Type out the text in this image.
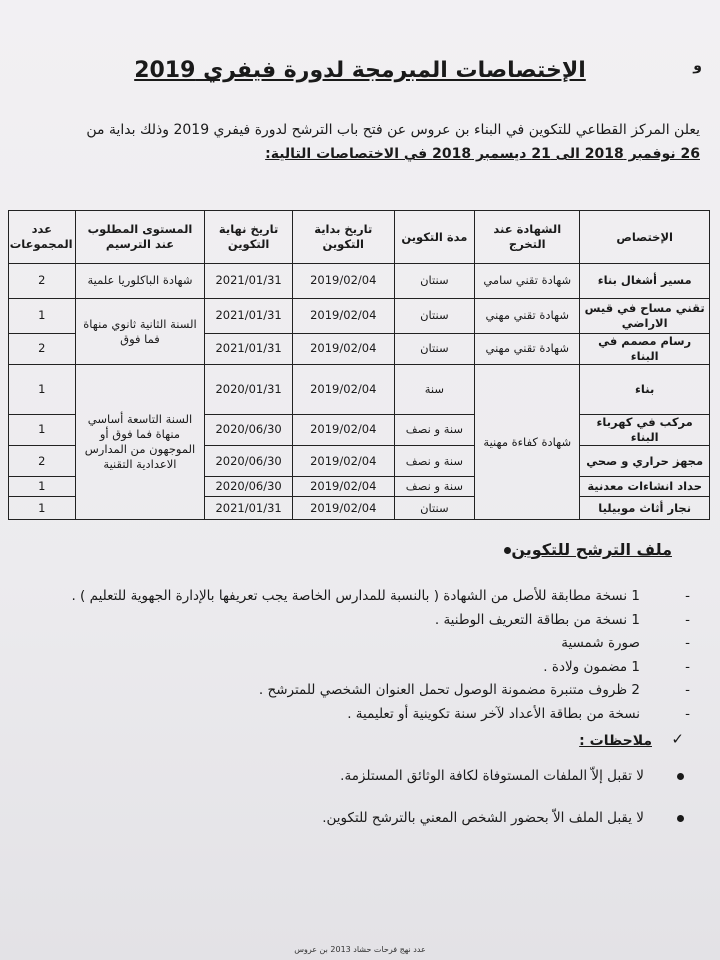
و
الإختصاصات المبرمجة لدورة فيفري 2019
يعلن المركز القطاعي للتكوين في البناء بن عروس عن فتح باب الترشح لدورة فيفري 2019 وذلك بداية من
26 نوفمبر 2018 الى 21 ديسمبر 2018 في الاختصاصات التالية:
الإختصاص	الشهادة عند التخرج	مدة التكوين	تاريخ بداية التكوين	تاريخ نهاية التكوين	المستوى المطلوب عند الترسيم	عدد المجموعات
مسير أشغال بناء	شهادة تقني سامي	سنتان	2019/02/04	2021/01/31	شهادة الباكلوريا علمية	2
تقني مساح في قيس الاراضي	شهادة تقني مهني	سنتان	2019/02/04	2021/01/31	السنة الثانية ثانوي منهاة فما فوق	1
رسام مصمم في البناء	شهادة تقني مهني	سنتان	2019/02/04	2021/01/31		2
بناء	شهادة كفاءة مهنية	سنة	2019/02/04	2020/01/31	السنة التاسعة أساسي منهاة فما فوق أو الموجهون من المدارس الاعدادية التقنية	1
مركب في كهرباء البناء		سنة و نصف	2019/02/04	2020/06/30		1
مجهز حراري و صحي		سنة و نصف	2019/02/04	2020/06/30		2
حداد انشاءات معدنية		سنة و نصف	2019/02/04	2020/06/30		1
نجار أثاث موبيليا		سنتان	2019/02/04	2021/01/31		1
ملف الترشح للتكوين
-
1 نسخة مطابقة للأصل من الشهادة ( بالنسبة للمدارس الخاصة يجب تعريفها بالإدارة الجهوية للتعليم ) .
-
1 نسخة من بطاقة التعريف الوطنية .
-
صورة شمسية
-
1 مضمون ولادة .
-
2 ظروف متنبرة مضمونة الوصول تحمل العنوان الشخصي للمترشح .
-
نسخة من بطاقة الأعداد لآخر سنة تكوينية أو تعليمية .
✓
ملاحظات :
لا تقبل إلاّ الملفات المستوفاة لكافة الوثائق المستلزمة.
لا يقبل الملف الاّ بحضور الشخص المعني بالترشح للتكوين.
عدد نهج فرحات حشاد 2013 بن عروس
